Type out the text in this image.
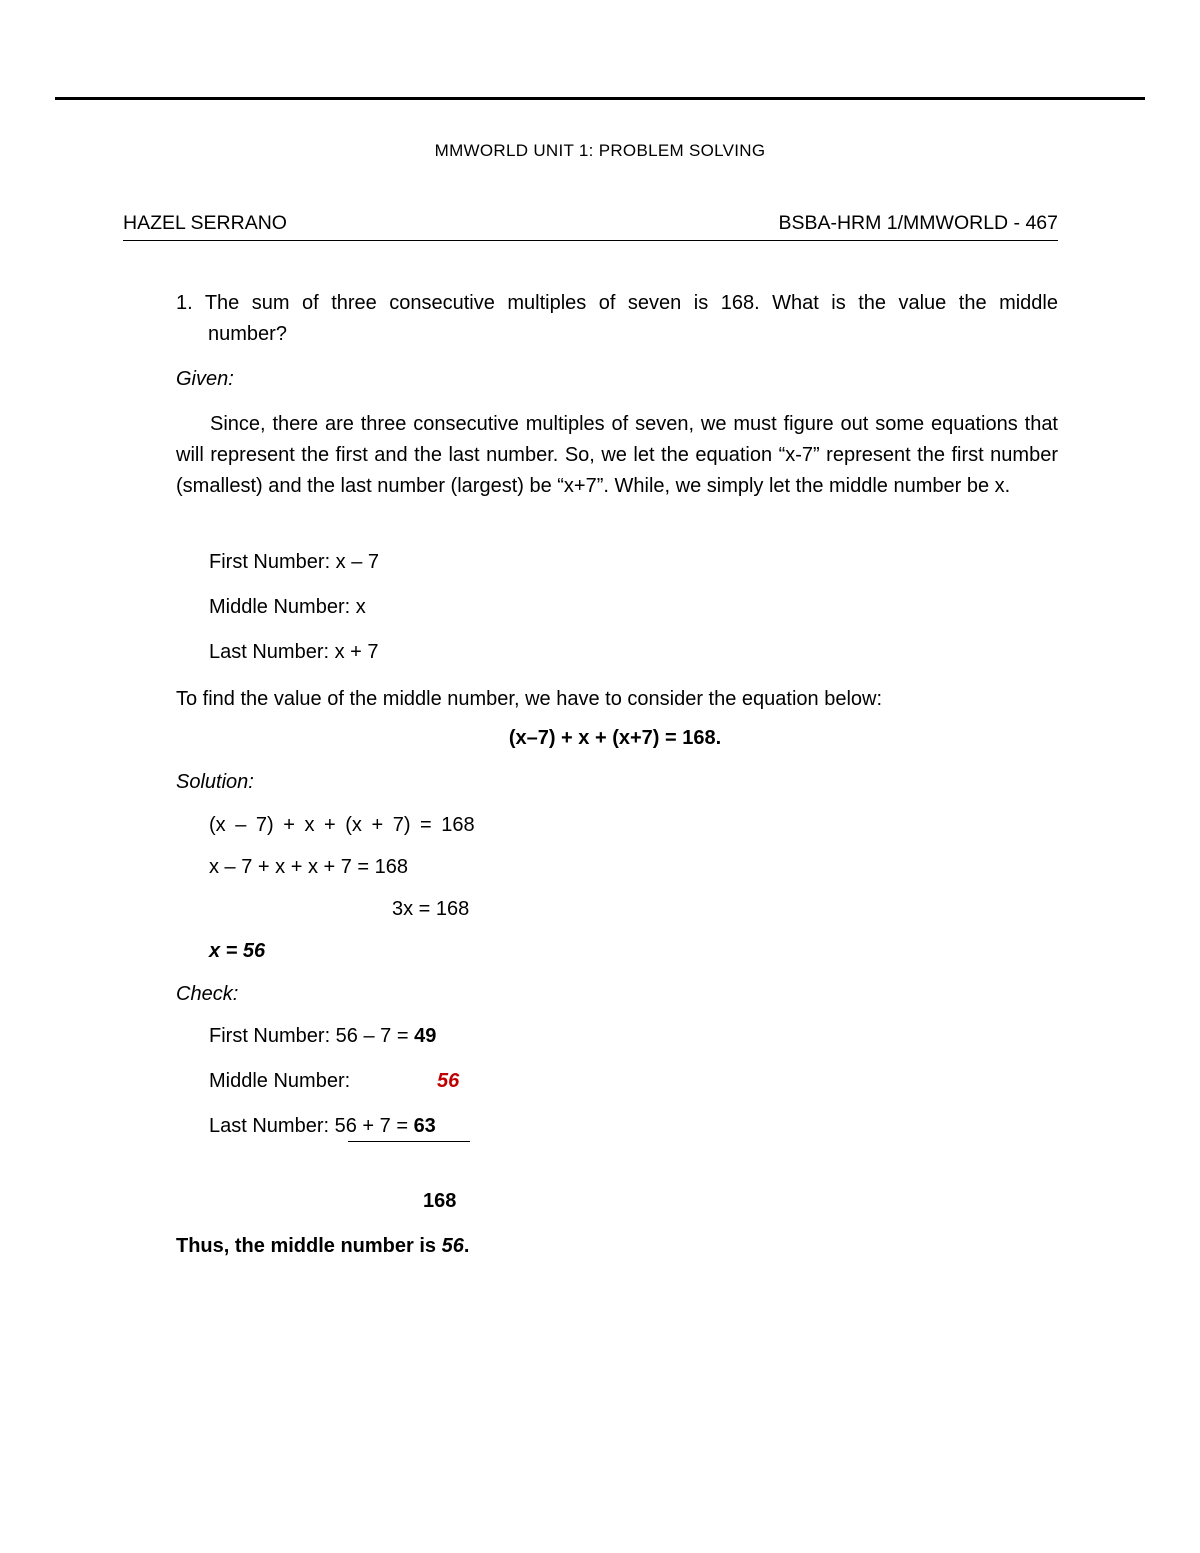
MMWORLD UNIT 1: PROBLEM SOLVING
HAZEL SERRANO	BSBA-HRM 1/MMWORLD - 467
1. The sum of three consecutive multiples of seven is 168. What is the value the middle
number?
Given:
Since, there are three consecutive multiples of seven, we must figure out some equations that will represent the first and the last number. So, we let the equation “x-7” represent the first number (smallest) and the last number (largest) be “x+7”. While, we simply let the middle number be x.
First Number: x – 7
Middle Number: x
Last Number: x + 7
To find the value of the middle number, we have to consider the equation below:
(x–7) + x + (x+7) = 168.
Solution:
(x – 7) + x + (x + 7) = 168
x – 7 + x + x + 7 = 168
3x = 168
x = 56
Check:
First Number: 56 – 7 = 49
Middle Number:	56
Last Number: 56 + 7 = 63
168
Thus, the middle number is 56.
